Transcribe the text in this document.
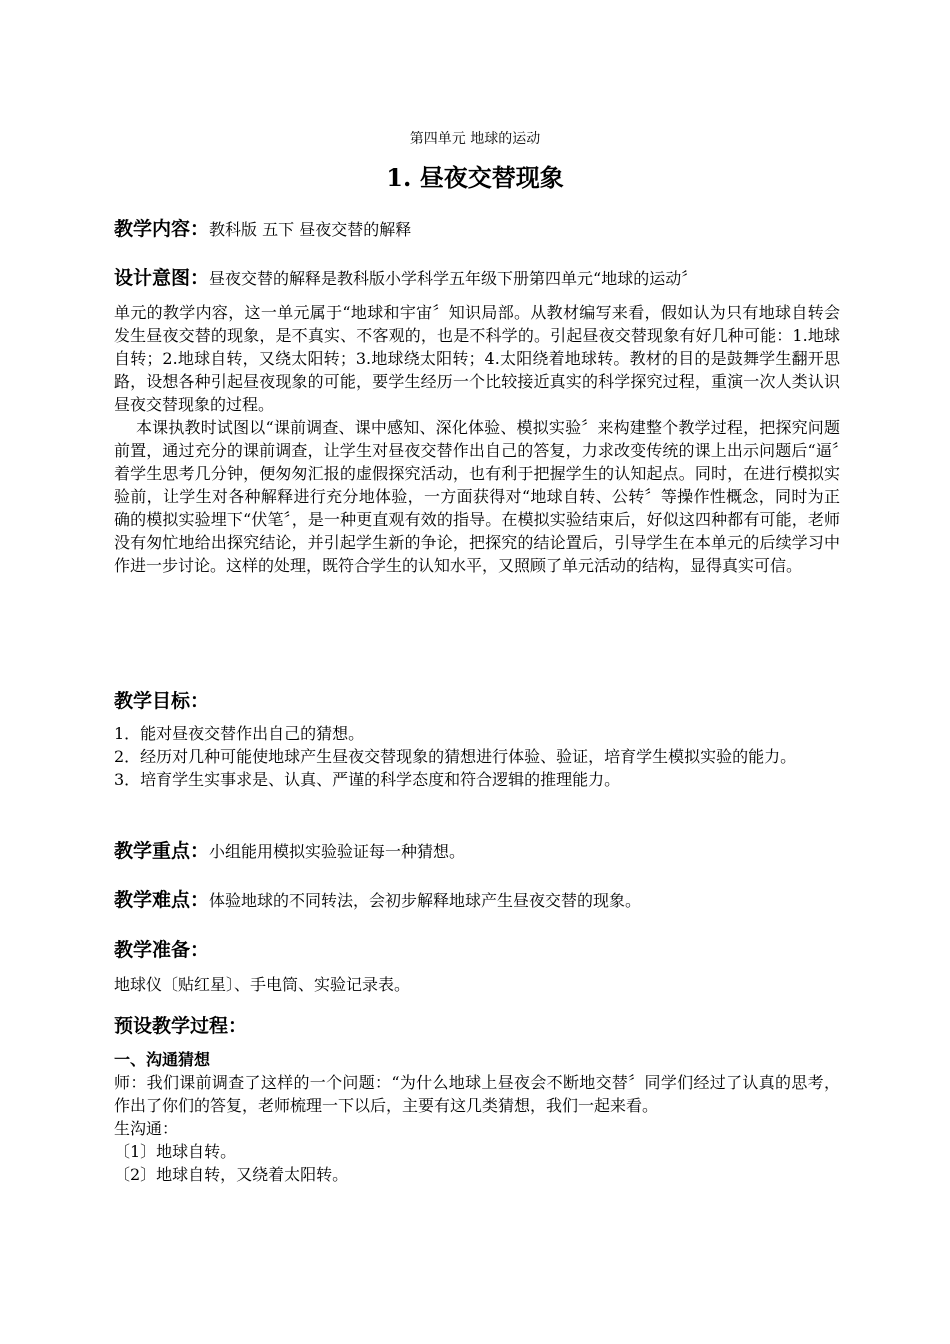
第四单元 地球的运动
1. 昼夜交替现象
教学内容：教科版 五下 昼夜交替的解释
设计意图：昼夜交替的解释是教科版小学科学五年级下册第四单元“地球的运动〞

单元的教学内容，这一单元属于“地球和宇宙〞知识局部。从教材编写来看，假如认为只有地球自转会发生昼夜交替的现象，是不真实、不客观的，也是不科学的。引起昼夜交替现象有好几种可能：1.地球自转；2.地球自转，又绕太阳转；3.地球绕太阳转；4.太阳绕着地球转。教材的目的是鼓舞学生翻开思路，设想各种引起昼夜现象的可能，要学生经历一个比较接近真实的科学探究过程，重演一次人类认识昼夜交替现象的过程。

本课执教时试图以“课前调查、课中感知、深化体验、模拟实验〞来构建整个教学过程，把探究问题前置，通过充分的课前调查，让学生对昼夜交替作出自己的答复，力求改变传统的课上出示问题后“逼〞着学生思考几分钟，便匆匆汇报的虚假探究活动，也有利于把握学生的认知起点。同时，在进行模拟实验前，让学生对各种解释进行充分地体验，一方面获得对“地球自转、公转〞等操作性概念，同时为正确的模拟实验埋下“伏笔〞，是一种更直观有效的指导。在模拟实验结束后，好似这四种都有可能，老师没有匆忙地给出探究结论，并引起学生新的争论，把探究的结论置后，引导学生在本单元的后续学习中作进一步讨论。这样的处理，既符合学生的认知水平，又照顾了单元活动的结构，显得真实可信。

教学目标：

1．能对昼夜交替作出自己的猜想。

2．经历对几种可能使地球产生昼夜交替现象的猜想进行体验、验证，培育学生模拟实验的能力。

3．培育学生实事求是、认真、严谨的科学态度和符合逻辑的推理能力。

教学重点：小组能用模拟实验验证每一种猜想。
教学难点：体验地球的不同转法，会初步解释地球产生昼夜交替的现象。
教学准备：

地球仪〔贴红星〕、手电筒、实验记录表。

预设教学过程：
一、沟通猜想

师：我们课前调查了这样的一个问题：“为什么地球上昼夜会不断地交替〞同学们经过了认真的思考，作出了你们的答复，老师梳理一下以后，主要有这几类猜想，我们一起来看。

生沟通：

〔1〕地球自转。

〔2〕地球自转，又绕着太阳转。
